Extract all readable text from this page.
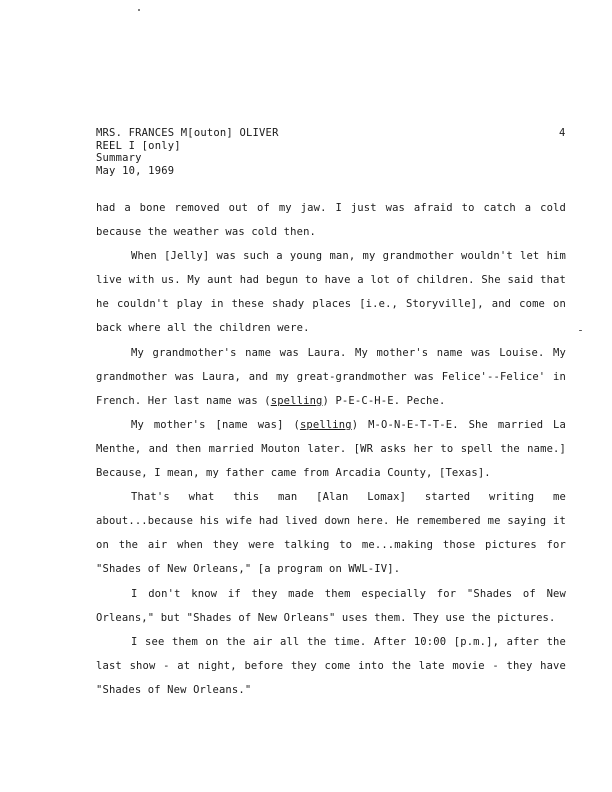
MRS. FRANCES M[outon] OLIVER
REEL I [only]
Summary
May 10, 1969
4

had a bone removed out of my jaw. I just was afraid to catch a cold because the weather was cold then.

When [Jelly] was such a young man, my grandmother wouldn't let him live with us. My aunt had begun to have a lot of children. She said that he couldn't play in these shady places [i.e., Storyville], and come on back where all the children were.

My grandmother's name was Laura. My mother's name was Louise. My grandmother was Laura, and my great-grandmother was Felice'--Felice' in French. Her last name was (spelling) P-E-C-H-E. Peche.

My mother's [name was] (spelling) M-O-N-E-T-T-E. She married La Menthe, and then married Mouton later. [WR asks her to spell the name.] Because, I mean, my father came from Arcadia County, [Texas].

That's what this man [Alan Lomax] started writing me about...because his wife had lived down here. He remembered me saying it on the air when they were talking to me...making those pictures for "Shades of New Orleans," [a program on WWL-IV].

I don't know if they made them especially for "Shades of New Orleans," but "Shades of New Orleans" uses them. They use the pictures.

I see them on the air all the time. After 10:00 [p.m.], after the last show - at night, before they come into the late movie - they have "Shades of New Orleans."
